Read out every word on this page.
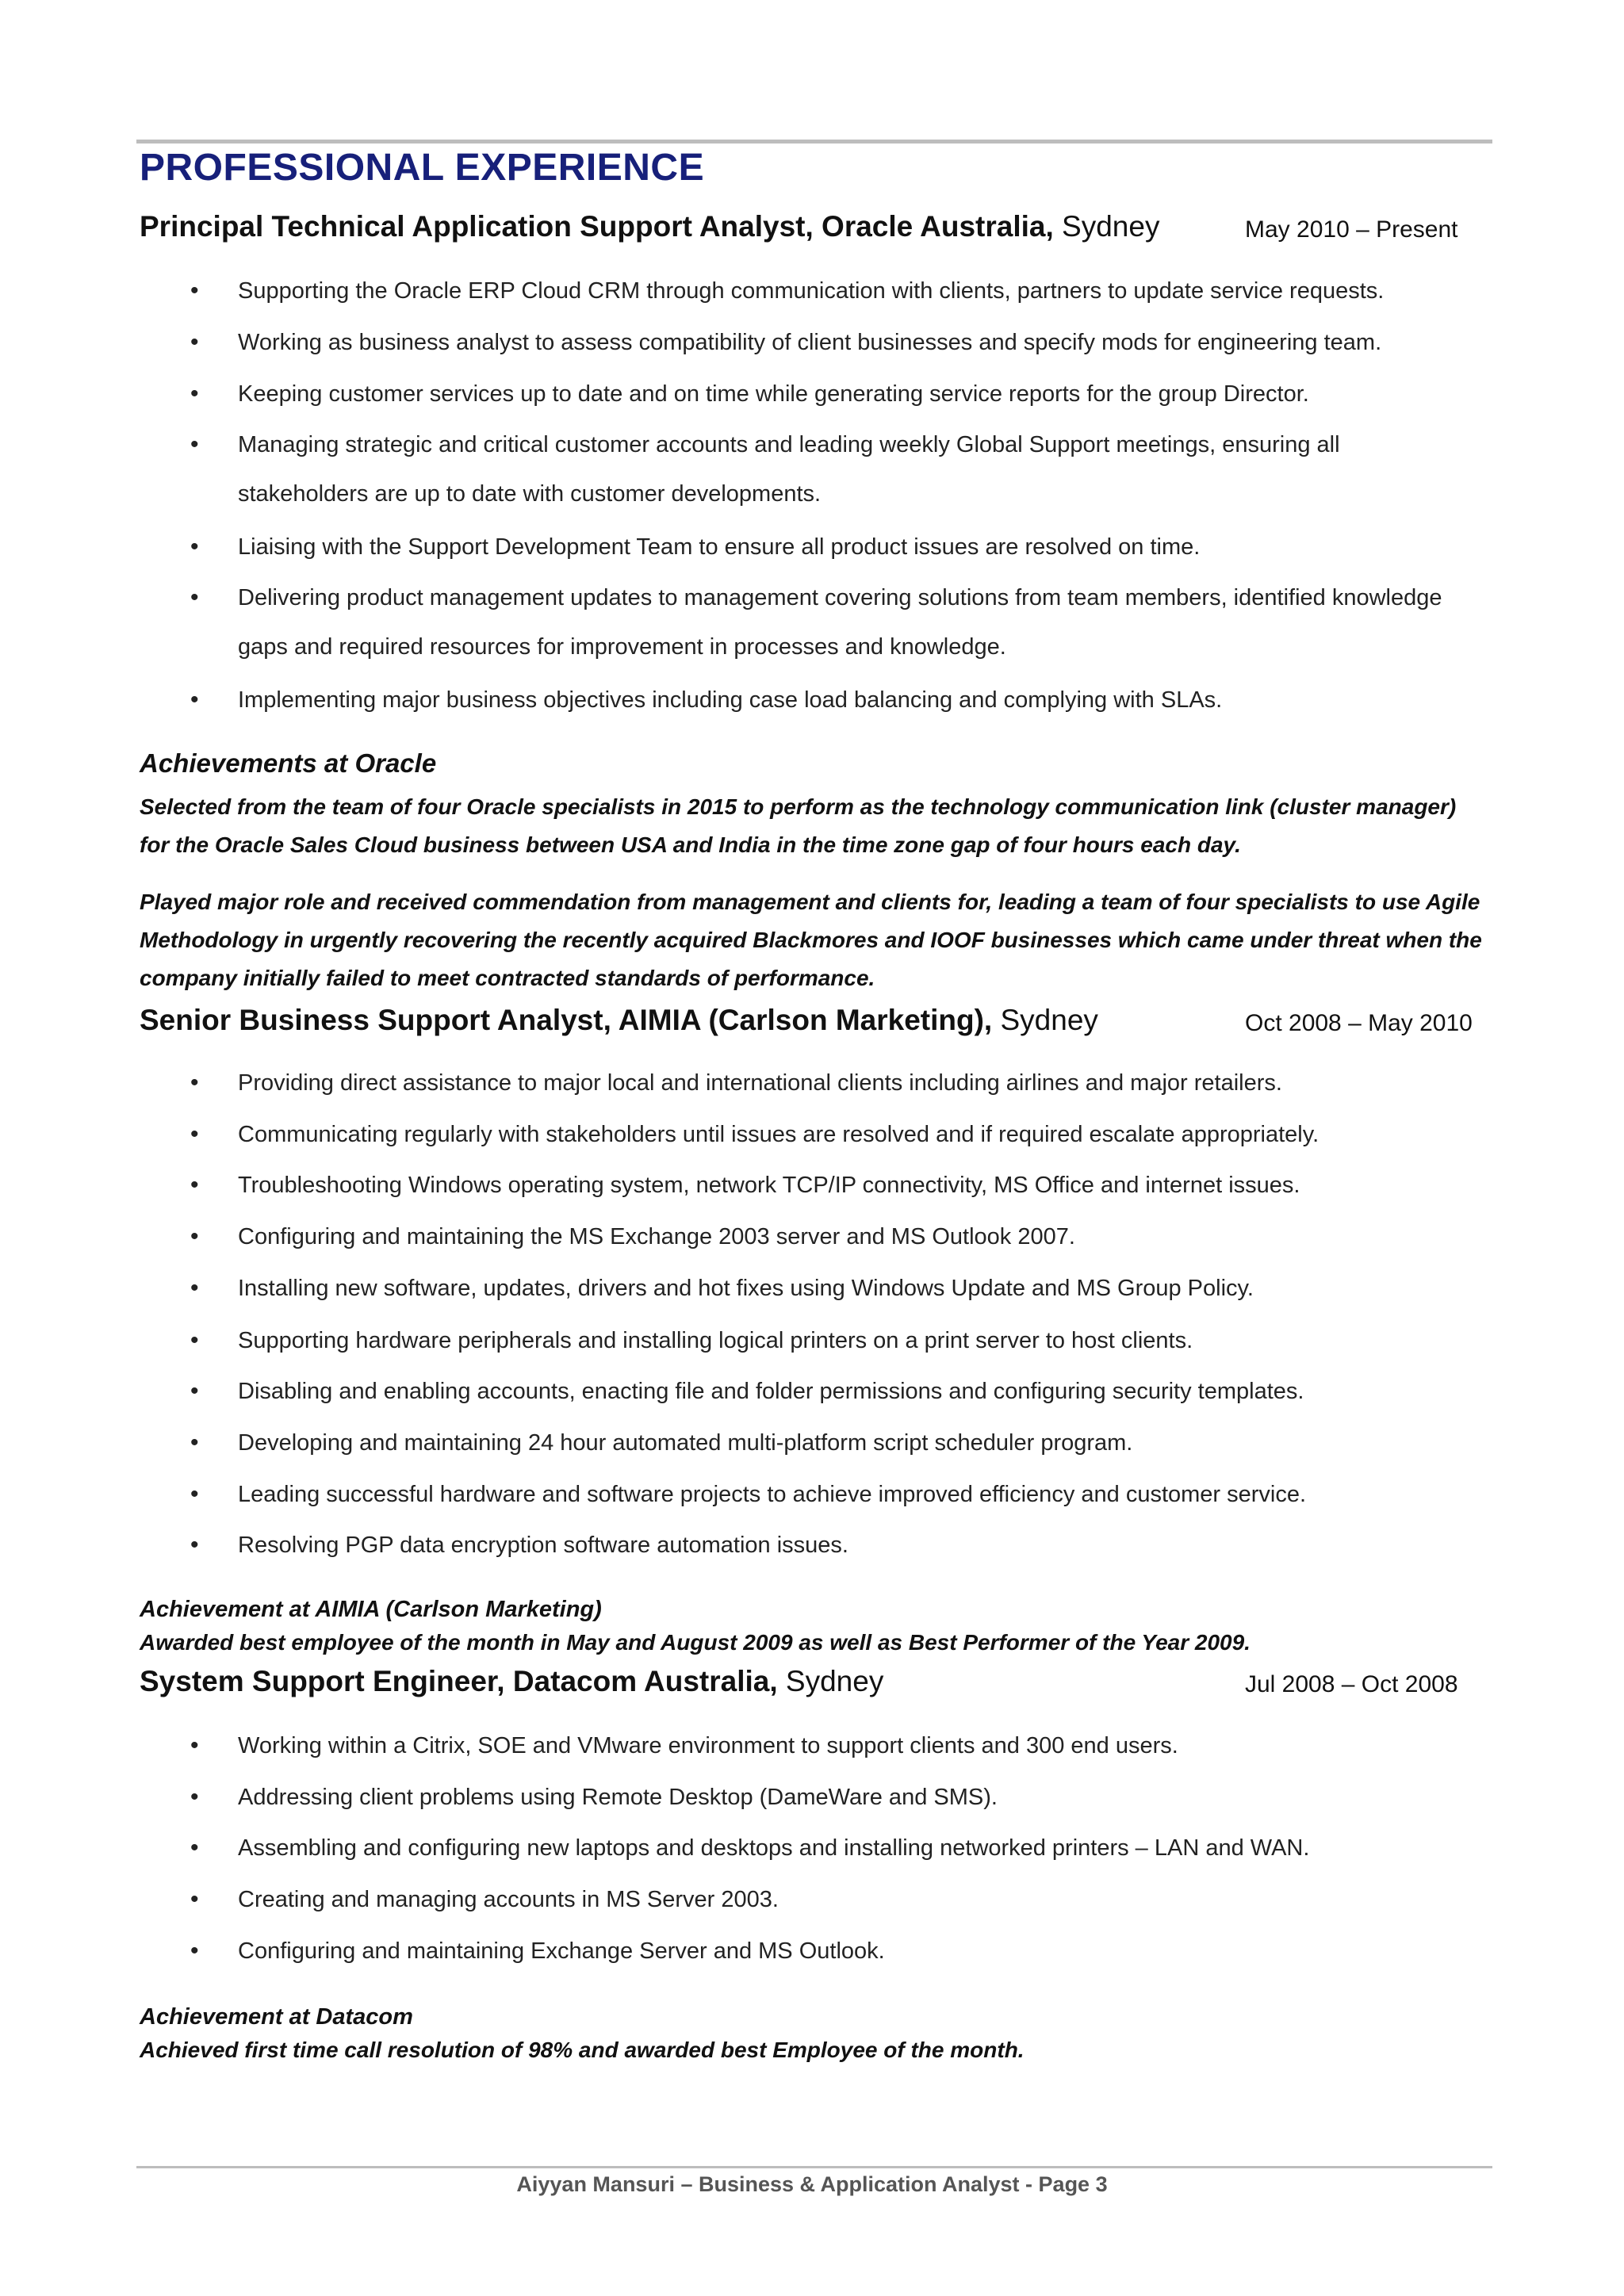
PROFESSIONAL EXPERIENCE
Principal Technical Application Support Analyst, Oracle Australia, Sydney	May 2010 – Present
•	Supporting the Oracle ERP Cloud CRM through communication with clients, partners to update service requests.
•	Working as business analyst to assess compatibility of client businesses and specify mods for engineering team.
•	Keeping customer services up to date and on time while generating service reports for the group Director.
•	Managing strategic and critical customer accounts and leading weekly Global Support meetings, ensuring all stakeholders are up to date with customer developments.
•	Liaising with the Support Development Team to ensure all product issues are resolved on time.
•	Delivering product management updates to management covering solutions from team members, identified knowledge gaps and required resources for improvement in processes and knowledge.
•	Implementing major business objectives including case load balancing and complying with SLAs.
Achievements at Oracle
Selected from the team of four Oracle specialists in 2015 to perform as the technology communication link (cluster manager) for the Oracle Sales Cloud business between USA and India in the time zone gap of four hours each day.
Played major role and received commendation from management and clients for, leading a team of four specialists to use Agile Methodology in urgently recovering the recently acquired Blackmores and IOOF businesses which came under threat when the company initially failed to meet contracted standards of performance.
Senior Business Support Analyst, AIMIA (Carlson Marketing), Sydney	Oct 2008 – May 2010
•	Providing direct assistance to major local and international clients including airlines and major retailers.
•	Communicating regularly with stakeholders until issues are resolved and if required escalate appropriately.
•	Troubleshooting Windows operating system, network TCP/IP connectivity, MS Office and internet issues.
•	Configuring and maintaining the MS Exchange 2003 server and MS Outlook 2007.
•	Installing new software, updates, drivers and hot fixes using Windows Update and MS Group Policy.
•	Supporting hardware peripherals and installing logical printers on a print server to host clients.
•	Disabling and enabling accounts, enacting file and folder permissions and configuring security templates.
•	Developing and maintaining 24 hour automated multi-platform script scheduler program.
•	Leading successful hardware and software projects to achieve improved efficiency and customer service.
•	Resolving PGP data encryption software automation issues.
Achievement at AIMIA (Carlson Marketing)
Awarded best employee of the month in May and August 2009 as well as Best Performer of the Year 2009.
System Support Engineer, Datacom Australia, Sydney	Jul 2008 – Oct 2008
•	Working within a Citrix, SOE and VMware environment to support clients and 300 end users.
•	Addressing client problems using Remote Desktop (DameWare and SMS).
•	Assembling and configuring new laptops and desktops and installing networked printers – LAN and WAN.
•	Creating and managing accounts in MS Server 2003.
•	Configuring and maintaining Exchange Server and MS Outlook.
Achievement at Datacom
Achieved first time call resolution of 98% and awarded best Employee of the month.
Aiyyan Mansuri – Business & Application Analyst - Page 3
